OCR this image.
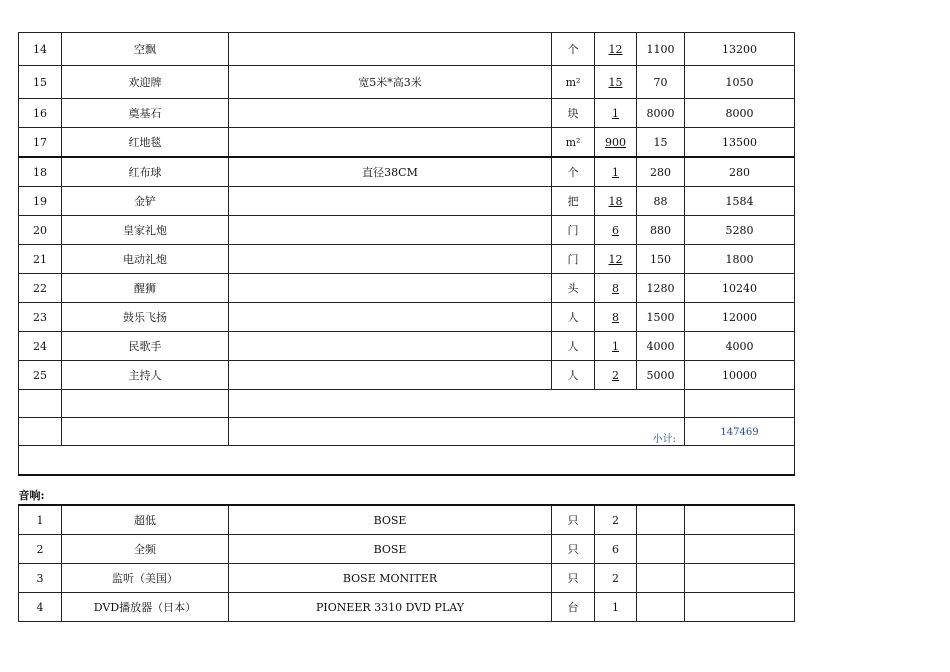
14	空飘		个	12	1100	13200
15	欢迎牌	宽5米*高3米	m²	15	70	1050
16	奠基石		块	1	8000	8000
17	红地毯		m²	900	15	13500
18	红布球	直径38CM	个	1	280	280
19	金铲		把	18	88	1584
20	皇家礼炮		门	6	880	5280
21	电动礼炮		门	12	150	1800
22	醒狮		头	8	1280	10240
23	鼓乐飞扬		人	8	1500	12000
24	民歌手		人	1	4000	4000
25	主持人		人	2	5000	10000

		小计:				147469

音响:						
1	超低	BOSE	只	2		
2	全频	BOSE	只	6		
3	监听（美国）	BOSE MONITER	只	2		
4	DVD播放器（日本）	PIONEER 3310 DVD PLAY	台	1		
